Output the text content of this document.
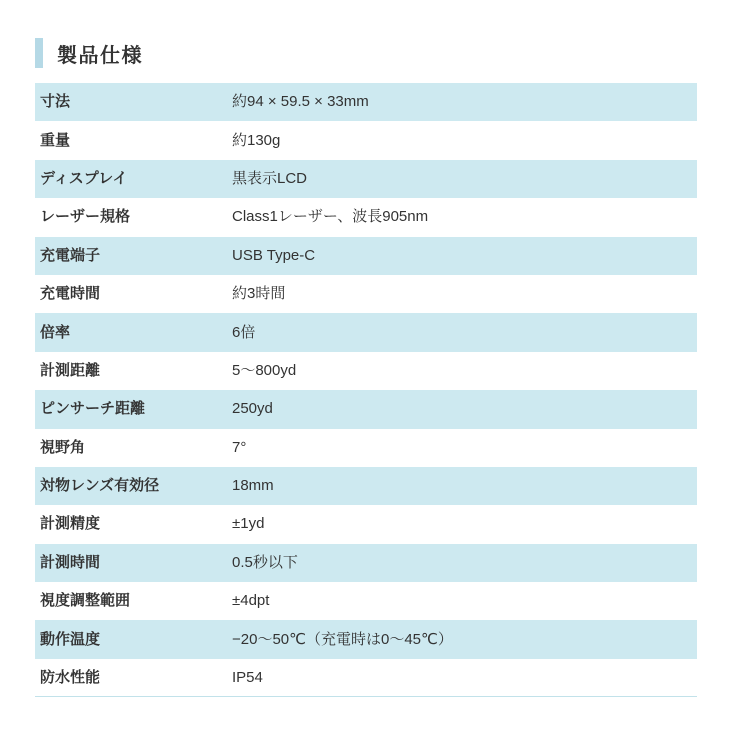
製品仕様
寸法	約94 × 59.5 × 33mm
重量	約130g
ディスプレイ	黒表示LCD
レーザー規格	Class1レーザー、波長905nm
充電端子	USB Type-C
充電時間	約3時間
倍率	6倍
計測距離	5〜800yd
ピンサーチ距離	250yd
視野角	7°
対物レンズ有効径	18mm
計測精度	±1yd
計測時間	0.5秒以下
視度調整範囲	±4dpt
動作温度	−20〜50℃（充電時は0〜45℃）
防水性能	IP54
